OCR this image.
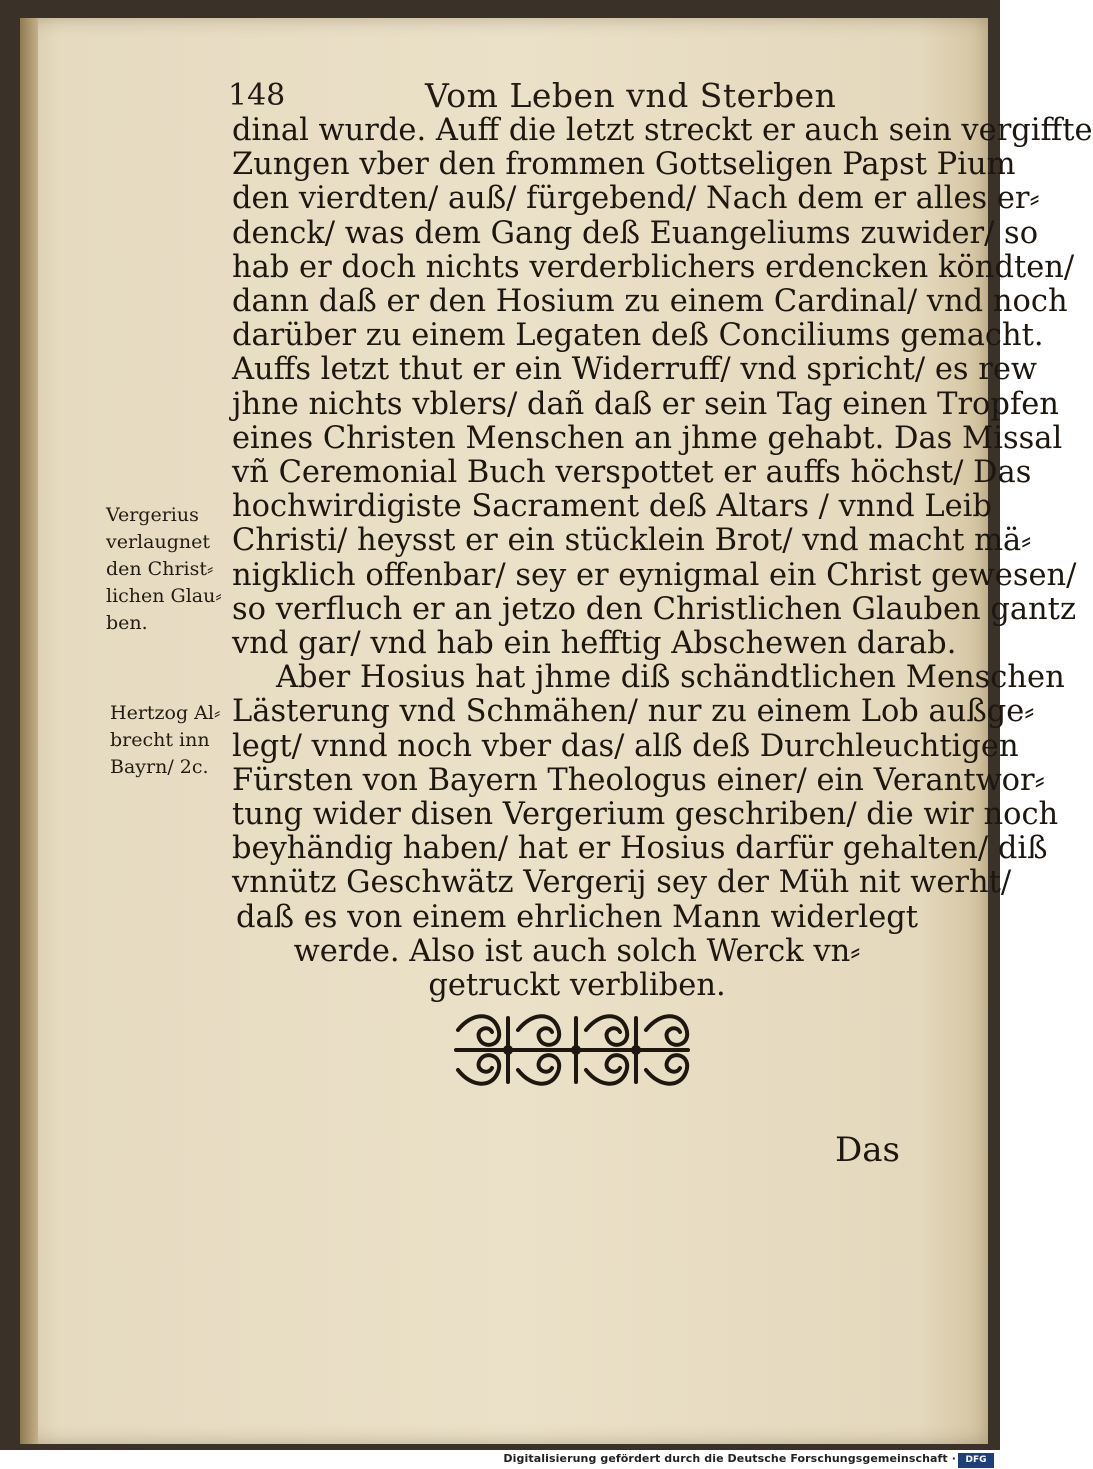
148	Vom Leben vnd Sterben
dinal wurde. Auff die letzt streckt er auch sein vergiffte
Zungen vber den frommen Gottseligen Papst Pium
den vierdten/ auß/ fürgebend/ Nach dem er alles er⸗
denck/ was dem Gang deß Euangeliums zuwider/ so
hab er doch nichts verderblichers erdencken köndten/
dann daß er den Hosium zu einem Cardinal/ vnd noch
darüber zu einem Legaten deß Conciliums gemacht.
Auffs letzt thut er ein Widerruff/ vnd spricht/ es rew
jhne nichts vblers/ dañ daß er sein Tag einen Tropfen
eines Christen Menschen an jhme gehabt. Das Missal
vñ Ceremonial Buch verspottet er auffs höchst/ Das
hochwirdigiste Sacrament deß Altars / vnnd Leib
Christi/ heysst er ein stücklein Brot/ vnd macht mä⸗
nigklich offenbar/ sey er eynigmal ein Christ gewesen/
so verfluch er an jetzo den Christlichen Glauben gantz
vnd gar/ vnd hab ein hefftig Abschewen darab.
Aber Hosius hat jhme diß schändtlichen Menschen
Lästerung vnd Schmähen/ nur zu einem Lob außge⸗
legt/ vnnd noch vber das/ alß deß Durchleuchtigen
Fürsten von Bayern Theologus einer/ ein Verantwor⸗
tung wider disen Vergerium geschriben/ die wir noch
beyhändig haben/ hat er Hosius darfür gehalten/ diß
vnnütz Geschwätz Vergerij sey der Müh nit werht/
daß es von einem ehrlichen Mann widerlegt
werde. Also ist auch solch Werck vn⸗
getruckt verbliben.
Vergerius
verlaugnet
den Christ⸗
lichen Glau⸗
ben.
Hertzog Al⸗
brecht inn
Bayrn/ 2c.
Das
Digitalisierung gefördert durch die Deutsche Forschungsgemeinschaft ·	DFG
